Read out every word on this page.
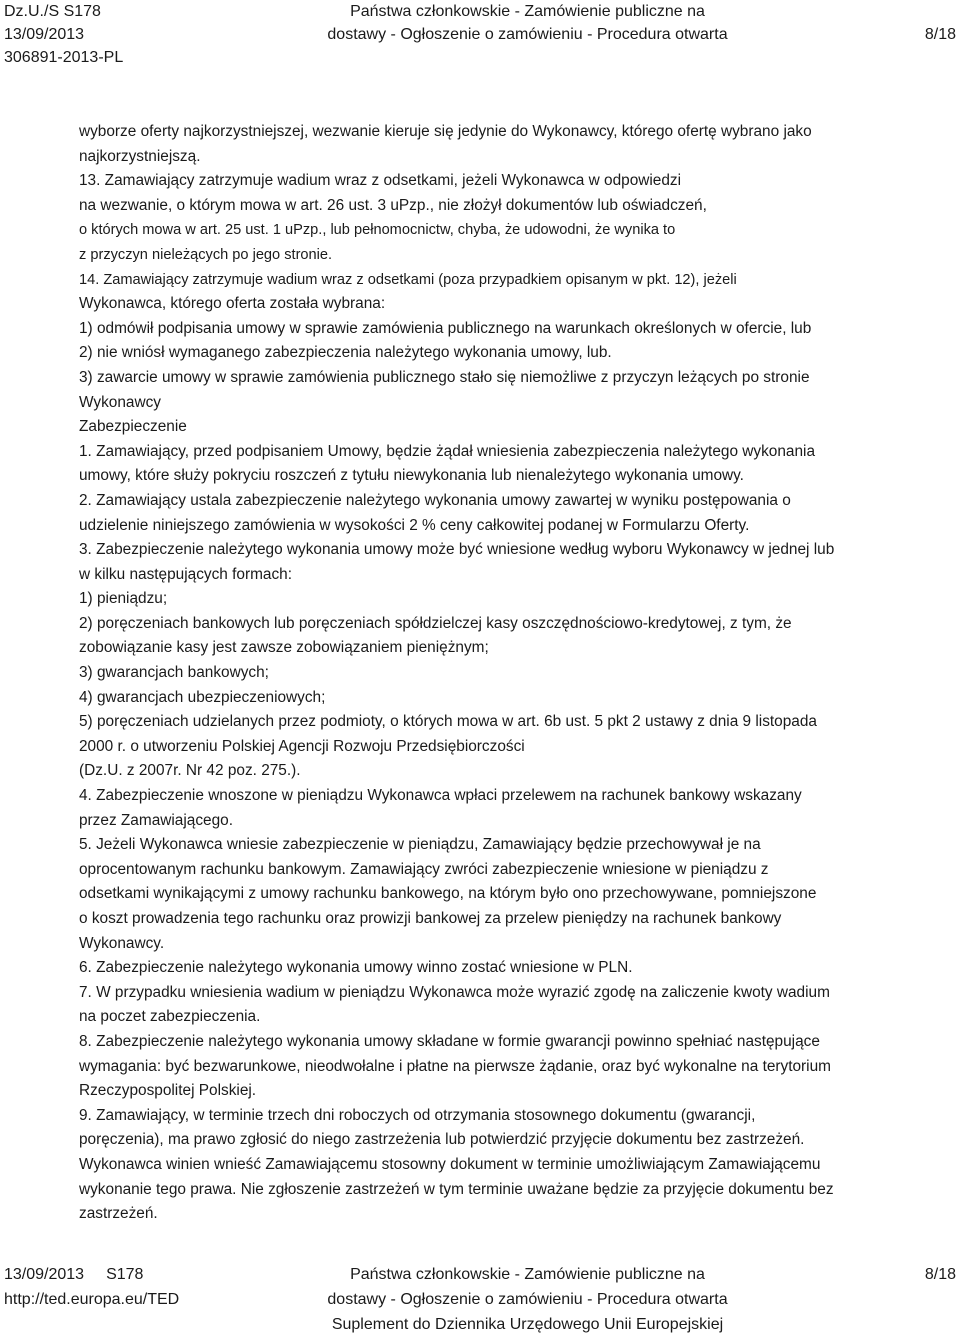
Dz.U./S S178
13/09/2013
306891-2013-PL
Państwa członkowskie - Zamówienie publiczne na
dostawy - Ogłoszenie o zamówieniu - Procedura otwarta	8/18

wyborze oferty najkorzystniejszej, wezwanie kieruje się jedynie do Wykonawcy, którego ofertę wybrano jako

najkorzystniejszą.

13. Zamawiający zatrzymuje wadium wraz z odsetkami, jeżeli Wykonawca w odpowiedzi

na wezwanie, o którym mowa w art. 26 ust. 3 uPzp., nie złożył dokumentów lub oświadczeń,

o których mowa w art. 25 ust. 1 uPzp., lub pełnomocnictw, chyba, że udowodni, że wynika to

z przyczyn nieleżących po jego stronie.

14. Zamawiający zatrzymuje wadium wraz z odsetkami (poza przypadkiem opisanym w pkt. 12), jeżeli

Wykonawca, którego oferta została wybrana:

1) odmówił podpisania umowy w sprawie zamówienia publicznego na warunkach określonych w ofercie, lub

2) nie wniósł wymaganego zabezpieczenia należytego wykonania umowy, lub.

3) zawarcie umowy w sprawie zamówienia publicznego stało się niemożliwe z przyczyn leżących po stronie

Wykonawcy

Zabezpieczenie

1. Zamawiający, przed podpisaniem Umowy, będzie żądał wniesienia zabezpieczenia należytego wykonania

umowy, które służy pokryciu roszczeń z tytułu niewykonania lub nienależytego wykonania umowy.

2. Zamawiający ustala zabezpieczenie należytego wykonania umowy zawartej w wyniku postępowania o

udzielenie niniejszego zamówienia w wysokości 2 % ceny całkowitej podanej w Formularzu Oferty.

3. Zabezpieczenie należytego wykonania umowy może być wniesione według wyboru Wykonawcy w jednej lub

w kilku następujących formach:

1) pieniądzu;

2) poręczeniach bankowych lub poręczeniach spółdzielczej kasy oszczędnościowo-kredytowej, z tym, że

zobowiązanie kasy jest zawsze zobowiązaniem pieniężnym;

3) gwarancjach bankowych;

4) gwarancjach ubezpieczeniowych;

5) poręczeniach udzielanych przez podmioty, o których mowa w art. 6b ust. 5 pkt 2 ustawy z dnia 9 listopada

2000 r. o utworzeniu Polskiej Agencji Rozwoju Przedsiębiorczości

(Dz.U. z 2007r. Nr 42 poz. 275.).

4. Zabezpieczenie wnoszone w pieniądzu Wykonawca wpłaci przelewem na rachunek bankowy wskazany

przez Zamawiającego.

5. Jeżeli Wykonawca wniesie zabezpieczenie w pieniądzu, Zamawiający będzie przechowywał je na

oprocentowanym rachunku bankowym. Zamawiający zwróci zabezpieczenie wniesione w pieniądzu z

odsetkami wynikającymi z umowy rachunku bankowego, na którym było ono przechowywane, pomniejszone

o koszt prowadzenia tego rachunku oraz prowizji bankowej za przelew pieniędzy na rachunek bankowy

Wykonawcy.

6. Zabezpieczenie należytego wykonania umowy winno zostać wniesione w PLN.

7. W przypadku wniesienia wadium w pieniądzu Wykonawca może wyrazić zgodę na zaliczenie kwoty wadium

na poczet zabezpieczenia.

8. Zabezpieczenie należytego wykonania umowy składane w formie gwarancji powinno spełniać następujące

wymagania: być bezwarunkowe, nieodwołalne i płatne na pierwsze żądanie, oraz być wykonalne na terytorium

Rzeczypospolitej Polskiej.

9. Zamawiający, w terminie trzech dni roboczych od otrzymania stosownego dokumentu (gwarancji,

poręczenia), ma prawo zgłosić do niego zastrzeżenia lub potwierdzić przyjęcie dokumentu bez zastrzeżeń.

Wykonawca winien wnieść Zamawiającemu stosowny dokument w terminie umożliwiającym Zamawiającemu

wykonanie tego prawa. Nie zgłoszenie zastrzeżeń w tym terminie uważane będzie za przyjęcie dokumentu bez

zastrzeżeń.

13/09/2013 S178
http://ted.europa.eu/TED
Państwa członkowskie - Zamówienie publiczne na
dostawy - Ogłoszenie o zamówieniu - Procedura otwarta
Suplement do Dziennika Urzędowego Unii Europejskiej
8/18
